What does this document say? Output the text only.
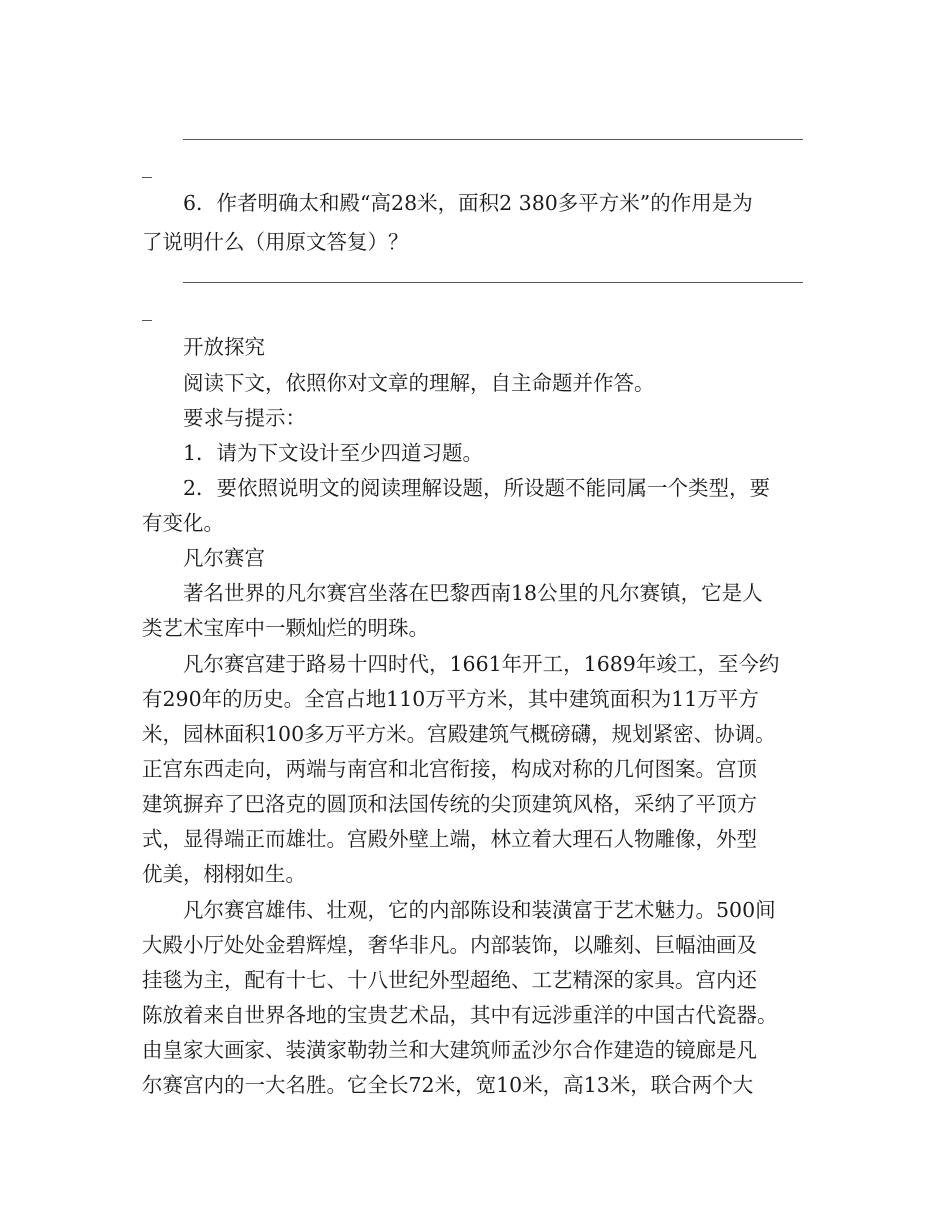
6．作者明确太和殿“高28米，面积2 380多平方米”的作用是为
了说明什么（用原文答复）？
开放探究
阅读下文，依照你对文章的理解，自主命题并作答。
要求与提示：
1．请为下文设计至少四道习题。
2．要依照说明文的阅读理解设题，所设题不能同属一个类型，要
有变化。
凡尔赛宫
著名世界的凡尔赛宫坐落在巴黎西南18公里的凡尔赛镇，它是人
类艺术宝库中一颗灿烂的明珠。
凡尔赛宫建于路易十四时代，1661年开工，1689年竣工，至今约
有290年的历史。全宫占地110万平方米，其中建筑面积为11万平方
米，园林面积100多万平方米。宫殿建筑气概磅礴，规划紧密、协调。
正宫东西走向，两端与南宫和北宫衔接，构成对称的几何图案。宫顶
建筑摒弃了巴洛克的圆顶和法国传统的尖顶建筑风格，采纳了平顶方
式，显得端正而雄壮。宫殿外壁上端，林立着大理石人物雕像，外型
优美，栩栩如生。
凡尔赛宫雄伟、壮观，它的内部陈设和装潢富于艺术魅力。500间
大殿小厅处处金碧辉煌，奢华非凡。内部装饰，以雕刻、巨幅油画及
挂毯为主，配有十七、十八世纪外型超绝、工艺精深的家具。宫内还
陈放着来自世界各地的宝贵艺术品，其中有远涉重洋的中国古代瓷器。
由皇家大画家、装潢家勒勃兰和大建筑师孟沙尔合作建造的镜廊是凡
尔赛宫内的一大名胜。它全长72米，宽10米，高13米，联合两个大
